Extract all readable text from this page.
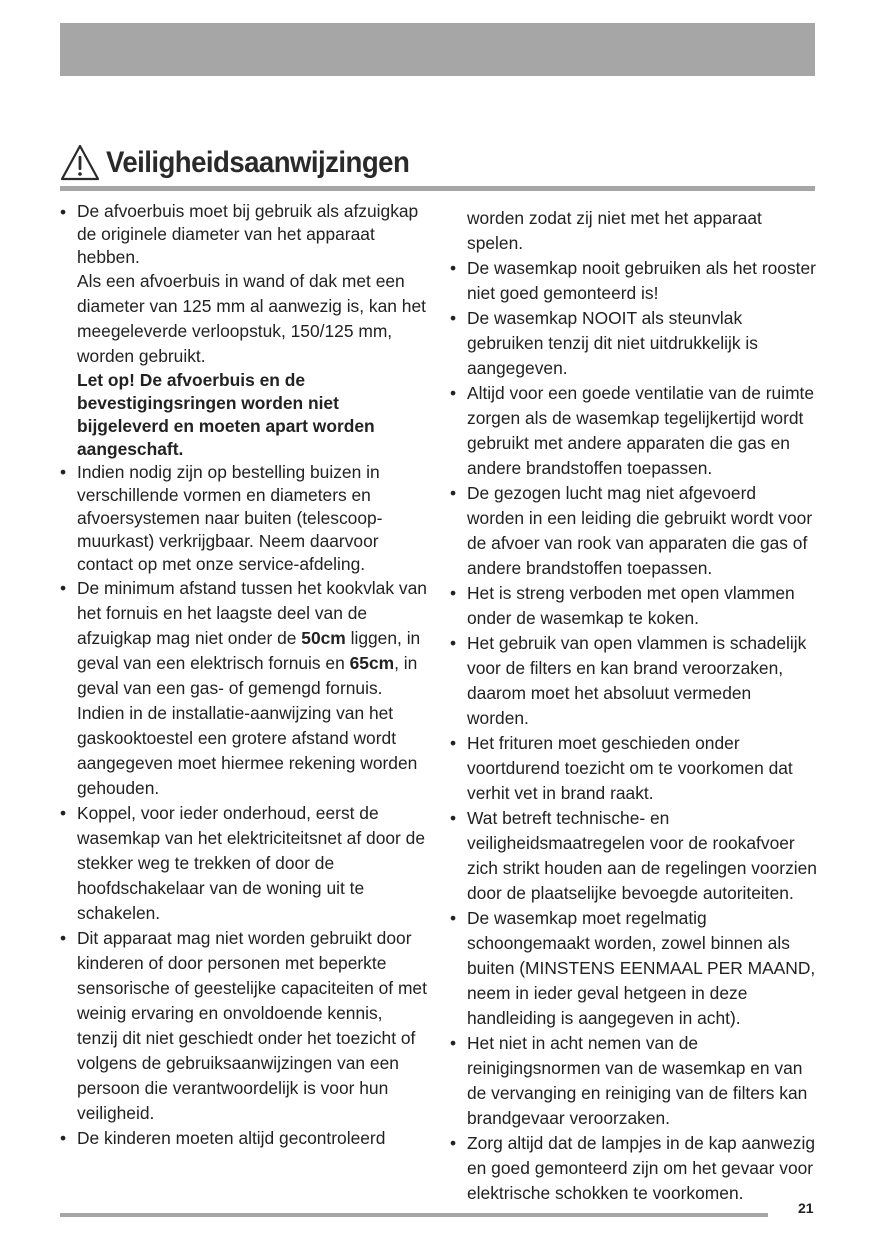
Veiligheidsaanwijzingen
• De afvoerbuis moet bij gebruik als afzuigkap de originele diameter van het apparaat hebben.
Als een afvoerbuis in wand of dak met een diameter van 125 mm al aanwezig is, kan het meegeleverde verloopstuk, 150/125 mm, worden gebruikt.
Let op! De afvoerbuis en de bevestigingsringen worden niet bijgeleverd en moeten apart worden aangeschaft.
• Indien nodig zijn op bestelling buizen in verschillende vormen en diameters en afvoersystemen naar buiten (telescoop-muurkast) verkrijgbaar. Neem daarvoor contact op met onze service-afdeling.
• De minimum afstand tussen het kookvlak van het fornuis en het laagste deel van de afzuigkap mag niet onder de 50cm liggen, in geval van een elektrisch fornuis en 65cm, in geval van een gas- of gemengd fornuis.
Indien in de installatie-aanwijzing van het gaskooktoestel een grotere afstand wordt aangegeven moet hiermee rekening worden gehouden.
• Koppel, voor ieder onderhoud, eerst de wasemkap van het elektriciteitsnet af door de stekker weg te trekken of door de hoofdschakelaar van de woning uit te schakelen.
• Dit apparaat mag niet worden gebruikt door kinderen of door personen met beperkte sensorische of geestelijke capaciteiten of met weinig ervaring en onvoldoende kennis, tenzij dit niet geschiedt onder het toezicht of volgens de gebruiksaanwijzingen van een persoon die verantwoordelijk is voor hun veiligheid.
• De kinderen moeten altijd gecontroleerd

worden zodat zij niet met het apparaat spelen.

• De wasemkap nooit gebruiken als het rooster niet goed gemonteerd is!
• De wasemkap NOOIT als steunvlak gebruiken tenzij dit niet uitdrukkelijk is aangegeven.
• Altijd voor een goede ventilatie van de ruimte zorgen als de wasemkap tegelijkertijd wordt gebruikt met andere apparaten die gas en andere brandstoffen toepassen.
• De gezogen lucht mag niet afgevoerd worden in een leiding die gebruikt wordt voor de afvoer van rook van apparaten die gas of andere brandstoffen toepassen.
• Het is streng verboden met open vlammen onder de wasemkap te koken.
• Het gebruik van open vlammen is schadelijk voor de filters en kan brand veroorzaken, daarom moet het absoluut vermeden worden.
• Het frituren moet geschieden onder voortdurend toezicht om te voorkomen dat verhit vet in brand raakt.
• Wat betreft technische- en veiligheidsmaatregelen voor de rookafvoer zich strikt houden aan de regelingen voorzien door de plaatselijke bevoegde autoriteiten.
• De wasemkap moet regelmatig schoongemaakt worden, zowel binnen als buiten (MINSTENS EENMAAL PER MAAND, neem in ieder geval hetgeen in deze handleiding is aangegeven in acht).
• Het niet in acht nemen van de reinigingsnormen van de wasemkap en van de vervanging en reiniging van de filters kan brandgevaar veroorzaken.
• Zorg altijd dat de lampjes in de kap aanwezig en goed gemonteerd zijn om het gevaar voor elektrische schokken te voorkomen.
21
